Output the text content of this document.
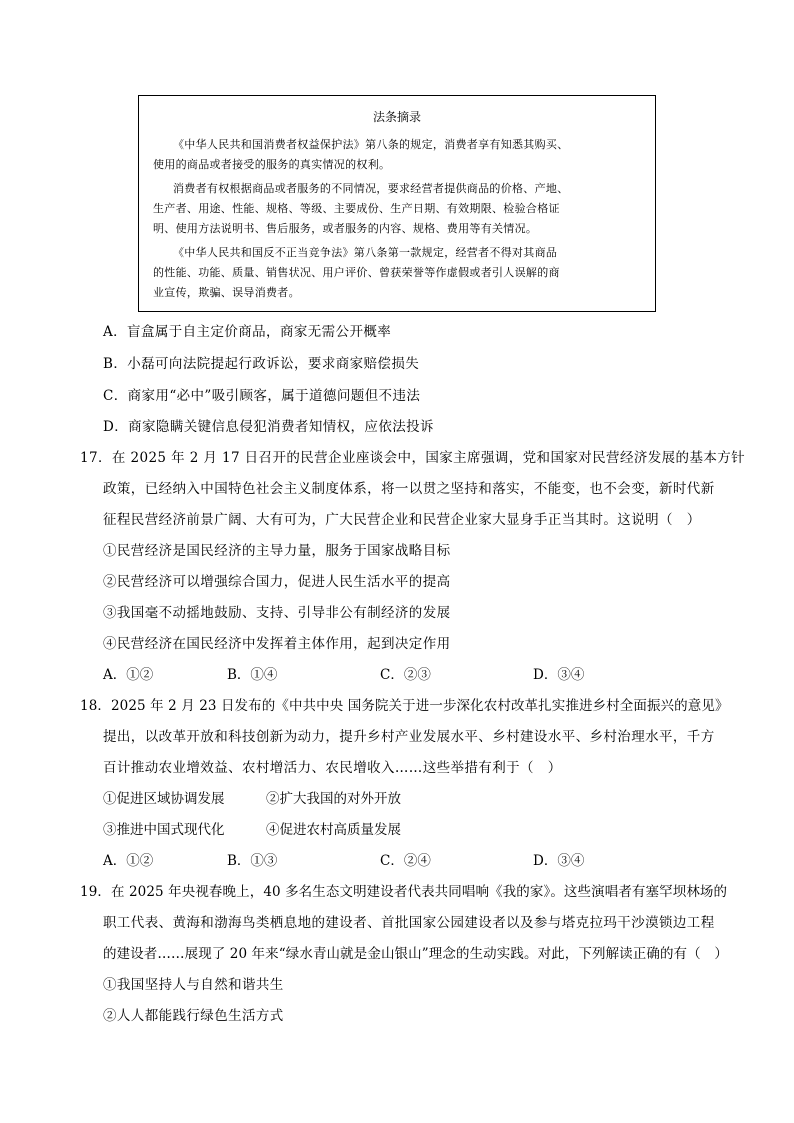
法条摘录
《中华人民共和国消费者权益保护法》第八条的规定，消费者享有知悉其购买、
使用的商品或者接受的服务的真实情况的权利。
消费者有权根据商品或者服务的不同情况，要求经营者提供商品的价格、产地、
生产者、用途、性能、规格、等级、主要成份、生产日期、有效期限、检验合格证
明、使用方法说明书、售后服务，或者服务的内容、规格、费用等有关情况。
《中华人民共和国反不正当竞争法》第八条第一款规定，经营者不得对其商品
的性能、功能、质量、销售状况、用户评价、曾获荣誉等作虚假或者引人误解的商
业宣传，欺骗、误导消费者。
A．盲盒属于自主定价商品，商家无需公开概率
B．小磊可向法院提起行政诉讼，要求商家赔偿损失
C．商家用“必中”吸引顾客，属于道德问题但不违法
D．商家隐瞒关键信息侵犯消费者知情权，应依法投诉
17．在 2025 年 2 月 17 日召开的民营企业座谈会中，国家主席强调，党和国家对民营经济发展的基本方针
政策，已经纳入中国特色社会主义制度体系，将一以贯之坚持和落实，不能变，也不会变，新时代新
征程民营经济前景广阔、大有可为，广大民营企业和民营企业家大显身手正当其时。这说明（　）
①民营经济是国民经济的主导力量，服务于国家战略目标
②民营经济可以增强综合国力，促进人民生活水平的提高
③我国毫不动摇地鼓励、支持、引导非公有制经济的发展
④民营经济在国民经济中发挥着主体作用，起到决定作用
A．①②	B．①④	C．②③	D．③④
18．2025 年 2 月 23 日发布的《中共中央 国务院关于进一步深化农村改革扎实推进乡村全面振兴的意见》
提出，以改革开放和科技创新为动力，提升乡村产业发展水平、乡村建设水平、乡村治理水平，千方
百计推动农业增效益、农村增活力、农民增收入……这些举措有利于（　）
①促进区域协调发展	②扩大我国的对外开放
③推进中国式现代化	④促进农村高质量发展
A．①②	B．①③	C．②④	D．③④
19．在 2025 年央视春晚上，40 多名生态文明建设者代表共同唱响《我的家》。这些演唱者有塞罕坝林场的
职工代表、黄海和渤海鸟类栖息地的建设者、首批国家公园建设者以及参与塔克拉玛干沙漠锁边工程
的建设者……展现了 20 年来“绿水青山就是金山银山”理念的生动实践。对此，下列解读正确的有（　）
①我国坚持人与自然和谐共生
②人人都能践行绿色生活方式
